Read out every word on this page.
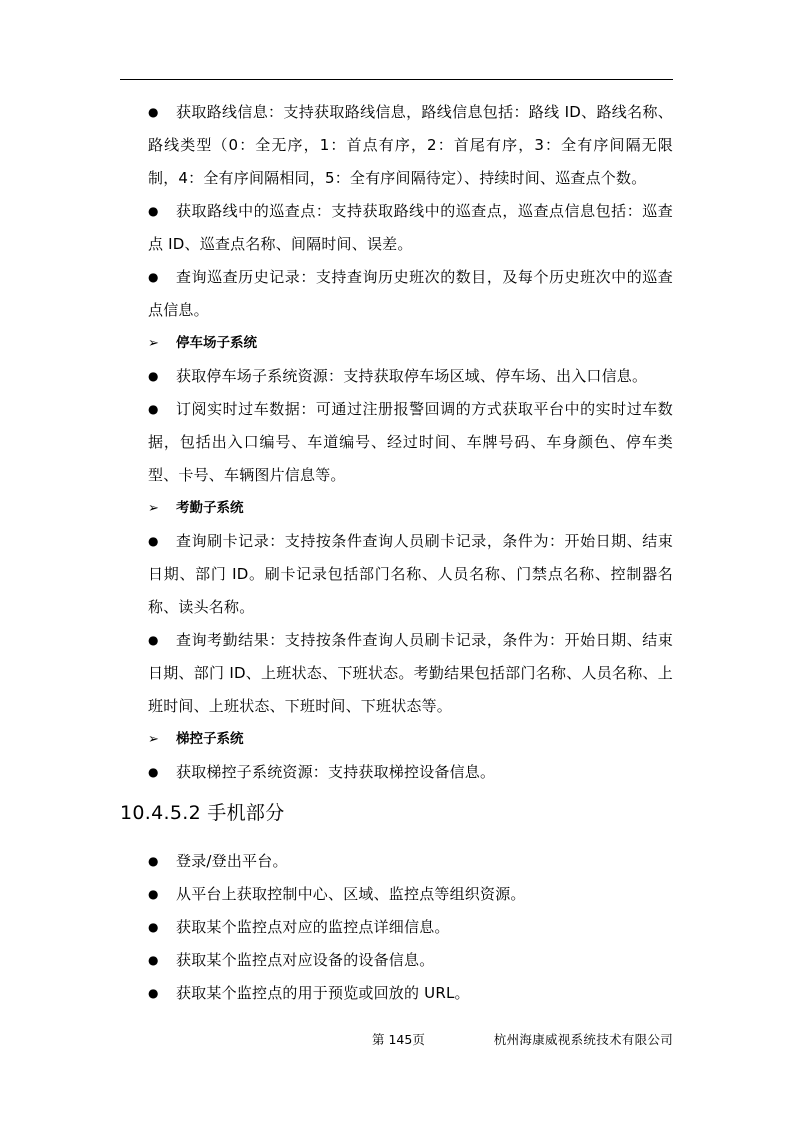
● 获取路线信息：支持获取路线信息，路线信息包括：路线 ID、路线名称、路线类型（0：全无序，1：首点有序，2：首尾有序，3：全有序间隔无限制，4：全有序间隔相同，5：全有序间隔待定）、持续时间、巡查点个数。
● 获取路线中的巡查点：支持获取路线中的巡查点，巡查点信息包括：巡查点 ID、巡查点名称、间隔时间、误差。
● 查询巡查历史记录：支持查询历史班次的数目，及每个历史班次中的巡查点信息。
➢ 停车场子系统
● 获取停车场子系统资源：支持获取停车场区域、停车场、出入口信息。
● 订阅实时过车数据：可通过注册报警回调的方式获取平台中的实时过车数据，包括出入口编号、车道编号、经过时间、车牌号码、车身颜色、停车类型、卡号、车辆图片信息等。
➢ 考勤子系统
● 查询刷卡记录：支持按条件查询人员刷卡记录，条件为：开始日期、结束日期、部门 ID。刷卡记录包括部门名称、人员名称、门禁点名称、控制器名称、读头名称。
● 查询考勤结果：支持按条件查询人员刷卡记录，条件为：开始日期、结束日期、部门 ID、上班状态、下班状态。考勤结果包括部门名称、人员名称、上班时间、上班状态、下班时间、下班状态等。
➢ 梯控子系统
● 获取梯控子系统资源：支持获取梯控设备信息。
10.4.5.2 手机部分
● 登录/登出平台。
● 从平台上获取控制中心、区域、监控点等组织资源。
● 获取某个监控点对应的监控点详细信息。
● 获取某个监控点对应设备的设备信息。
● 获取某个监控点的用于预览或回放的 URL。
第 145页	杭州海康威视系统技术有限公司
